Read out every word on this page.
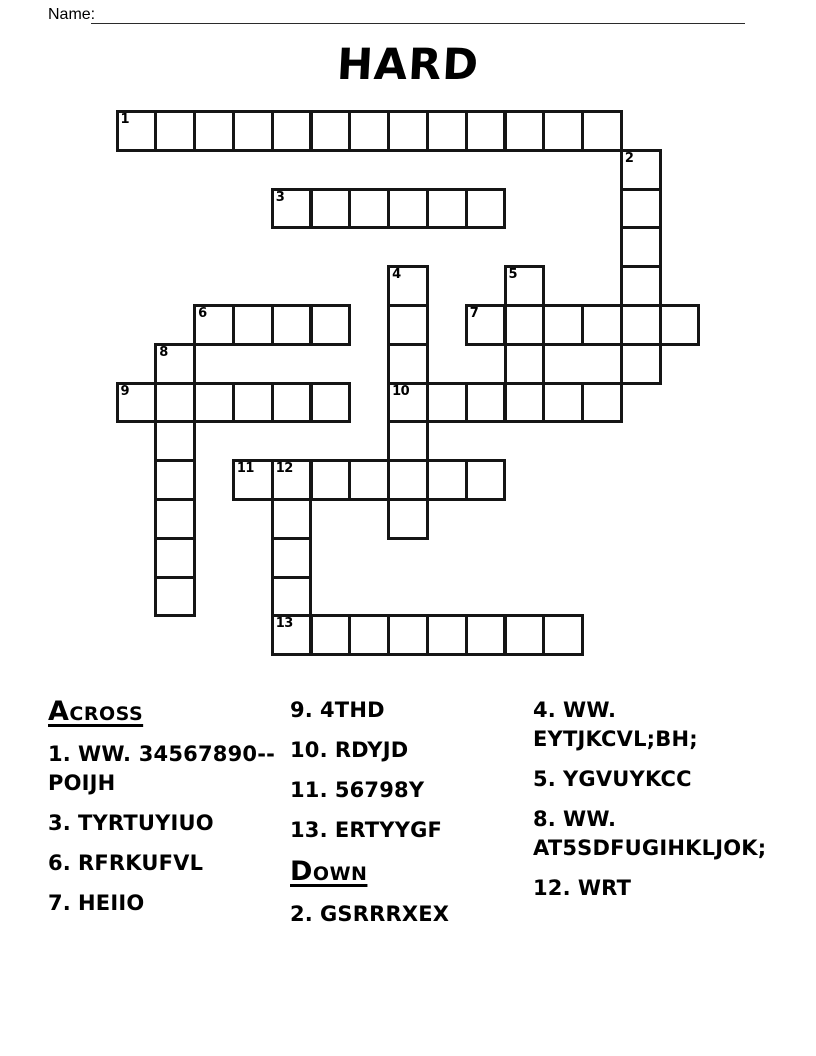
Name:
HARD
1
2
3
4
10
5
6	7
8
9
11 12
13
Across
1. WW. 34567890--POIJH
3. TYRTUYIUO
6. RFRKUFVL
7. HEIIO
9. 4THD
10. RDYJD
11. 56798Y
13. ERTYYGF
Down
2. GSRRRXEX
4. WW. EYTJKCVL;BH;
5. YGVUYKCC
8. WW. AT5SDFUGIHKLJOK;
12. WRT
